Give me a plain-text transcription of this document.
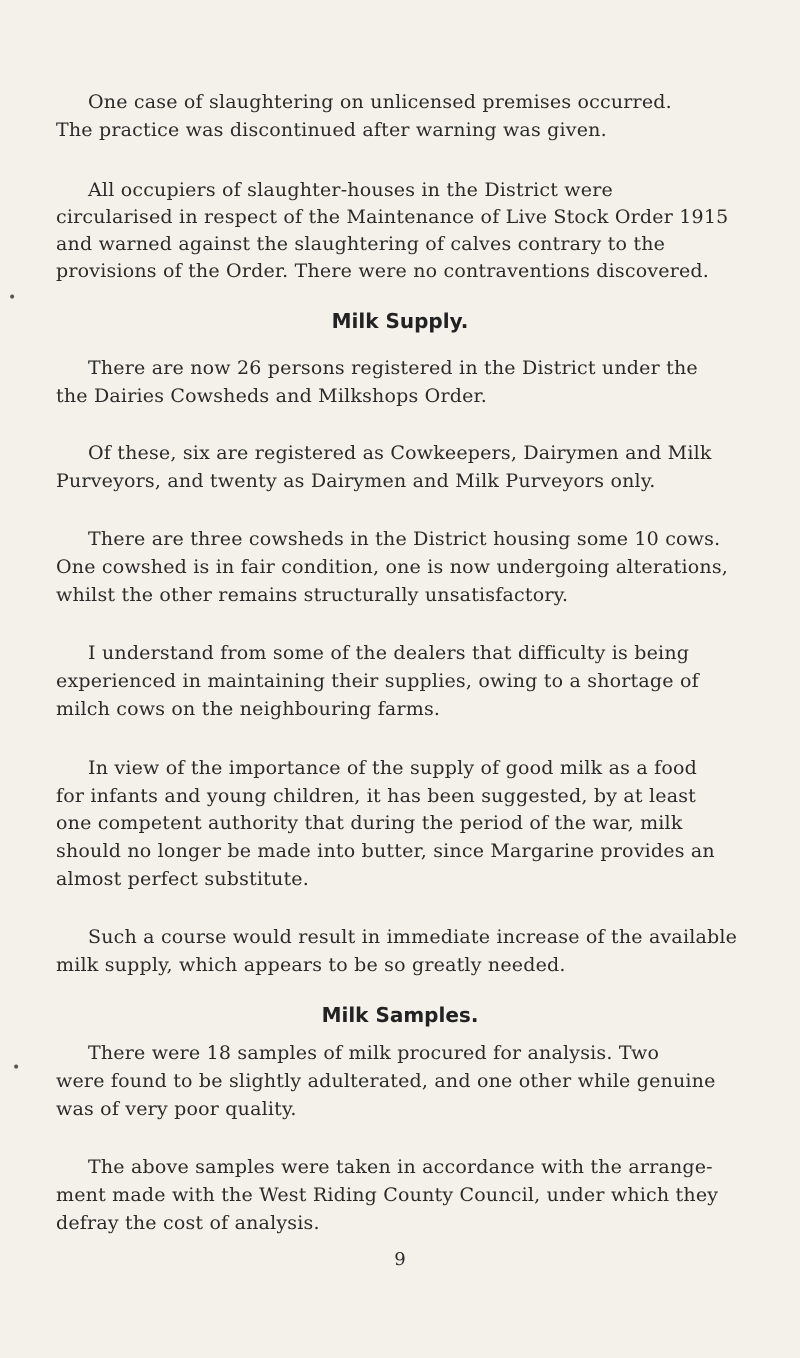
One case of slaughtering on unlicensed premises occurred.
The practice was discontinued after warning was given.
All occupiers of slaughter-houses in the District were
circularised in respect of the Maintenance of Live Stock Order 1915
and warned against the slaughtering of calves contrary to the
provisions of the Order. There were no contraventions discovered.
Milk Supply.
There are now 26 persons registered in the District under the
the Dairies Cowsheds and Milkshops Order.
Of these, six are registered as Cowkeepers, Dairymen and Milk
Purveyors, and twenty as Dairymen and Milk Purveyors only.
There are three cowsheds in the District housing some 10 cows.
One cowshed is in fair condition, one is now undergoing alterations,
whilst the other remains structurally unsatisfactory.
I understand from some of the dealers that difficulty is being
experienced in maintaining their supplies, owing to a shortage of
milch cows on the neighbouring farms.
In view of the importance of the supply of good milk as a food
for infants and young children, it has been suggested, by at least
one competent authority that during the period of the war, milk
should no longer be made into butter, since Margarine provides an
almost perfect substitute.
Such a course would result in immediate increase of the available
milk supply, which appears to be so greatly needed.
Milk Samples.
There were 18 samples of milk procured for analysis. Two
were found to be slightly adulterated, and one other while genuine
was of very poor quality.
The above samples were taken in accordance with the arrange-
ment made with the West Riding County Council, under which they
defray the cost of analysis.
9
•
•
